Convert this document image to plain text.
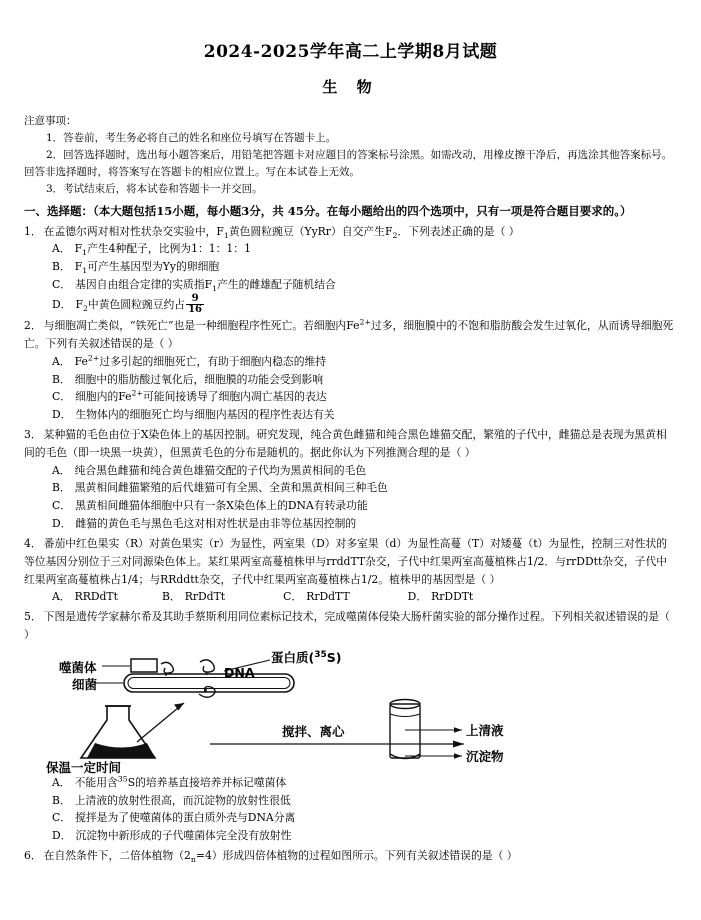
2024-2025学年高二上学期8月试题
生 物

注意事项：

1．答卷前，考生务必将自己的姓名和座位号填写在答题卡上。

2．回答选择题时，选出每小题答案后，用铅笔把答题卡对应题目的答案标号涂黑。如需改动，用橡皮擦干净后，再选涂其他答案标号。回答非选择题时，将答案写在答题卡的相应位置上。写在本试卷上无效。

3．考试结束后，将本试卷和答题卡一并交回。

一、选择题：（本大题包括15小题，每小题3分，共 45分。在每小题给出的四个选项中，只有一项是符合题目要求的。）

1． 在孟德尔两对相对性状杂交实验中，$F_1$黄色圆粒豌豆（YyRr）自交产生$F_2$．下列表述正确的是（ ）

A． $F_1$产生4种配子，比例为1：1：1：1

B． $F_1$可产生基因型为Yy的卵细胞

C． 基因自由组合定律的实质指$F_1$产生的雌雄配子随机结合

D． $F_2$中黄色圆粒豌豆约占 $\frac{9}{16}$

2． 与细胞凋亡类似，“铁死亡”也是一种细胞程序性死亡。若细胞内$Fe^{2+}$过多，细胞膜中的不饱和脂肪酸会发生过氧化，从而诱导细胞死亡。下列有关叙述错误的是（ ）

A． $Fe^{2+}$过多引起的细胞死亡，有助于细胞内稳态的维持

B． 细胞中的脂肪酸过氧化后，细胞膜的功能会受到影响

C． 细胞内的$Fe^{2+}$可能间接诱导了细胞内凋亡基因的表达

D． 生物体内的细胞死亡均与细胞内基因的程序性表达有关

3． 某种猫的毛色由位于X染色体上的基因控制。研究发现，纯合黄色雌猫和纯合黑色雄猫交配，繁殖的子代中，雌猫总是表现为黑黄相间的毛色（即一块黑一块黄），但黑黄毛色的分布是随机的。据此你认为下列推测合理的是（ ）

A． 纯合黑色雌猫和纯合黄色雄猫交配的子代均为黑黄相间的毛色

B． 黑黄相间雌猫繁殖的后代雄猫可有全黑、全黄和黑黄相间三种毛色

C． 黑黄相间雌猫体细胞中只有一条X染色体上的DNA有转录功能

D． 雌猫的黄色毛与黑色毛这对相对性状是由非等位基因控制的

4． 番茄中红色果实（R）对黄色果实（r）为显性，两室果（D）对多室果（d）为显性高蔓（T）对矮蔓（t）为显性，控制三对性状的等位基因分别位于三对同源染色体上。某红果两室高蔓植株甲与rrddTT杂交，子代中红果两室高蔓植株占1/2．与rrDDtt杂交，子代中红果两室高蔓植株占1/4；与RRddtt杂交，子代中红果两室高蔓植株占1/2。植株甲的基因型是（ ）

A． RRDdTt	B． RrDdTt	C． RrDdTT	D． RrDDTt

5． 下图是遗传学家赫尔希及其助手蔡斯利用同位素标记技术，完成噬菌体侵染大肠杆菌实验的部分操作过程。下列相关叙述错误的是（ ）

蛋白质($^{35}$S)
DNA
噬菌体
细菌
保温一定时间
搅拌、离心	上清液
沉淀物

A． 不能用含$^{35}$S的培养基直接培养并标记噬菌体

B． 上清液的放射性很高，而沉淀物的放射性很低

C． 搅拌是为了使噬菌体的蛋白质外壳与DNA分离

D． 沉淀物中新形成的子代噬菌体完全没有放射性

6． 在自然条件下，二倍体植物$(2_n=4)$形成四倍体植物的过程如图所示。下列有关叙述错误的是（ ）
